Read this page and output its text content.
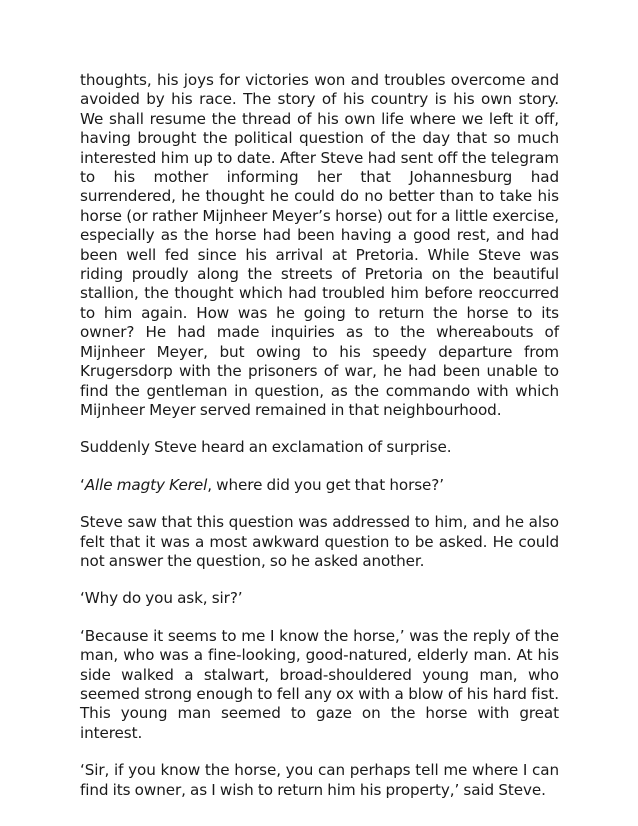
thoughts, his joys for victories won and troubles overcome and avoided by his race. The story of his country is his own story. We shall resume the thread of his own life where we left it off, having brought the political question of the day that so much interested him up to date. After Steve had sent off the telegram to his mother informing her that Johannesburg had surrendered, he thought he could do no better than to take his horse (or rather Mijnheer Meyer’s horse) out for a little exercise, especially as the horse had been having a good rest, and had been well fed since his arrival at Pretoria. While Steve was riding proudly along the streets of Pretoria on the beautiful stallion, the thought which had troubled him before reoccurred to him again. How was he going to return the horse to its owner? He had made inquiries as to the whereabouts of Mijnheer Meyer, but owing to his speedy departure from Krugersdorp with the prisoners of war, he had been unable to find the gentleman in question, as the commando with which Mijnheer Meyer served remained in that neighbourhood.

Suddenly Steve heard an exclamation of surprise.

‘Alle magty Kerel, where did you get that horse?’

Steve saw that this question was addressed to him, and he also felt that it was a most awkward question to be asked. He could not answer the question, so he asked another.

‘Why do you ask, sir?’

‘Because it seems to me I know the horse,’ was the reply of the man, who was a fine-looking, good-natured, elderly man. At his side walked a stalwart, broad-shouldered young man, who seemed strong enough to fell any ox with a blow of his hard fist. This young man seemed to gaze on the horse with great interest.

‘Sir, if you know the horse, you can perhaps tell me where I can find its owner, as I wish to return him his property,’ said Steve.
